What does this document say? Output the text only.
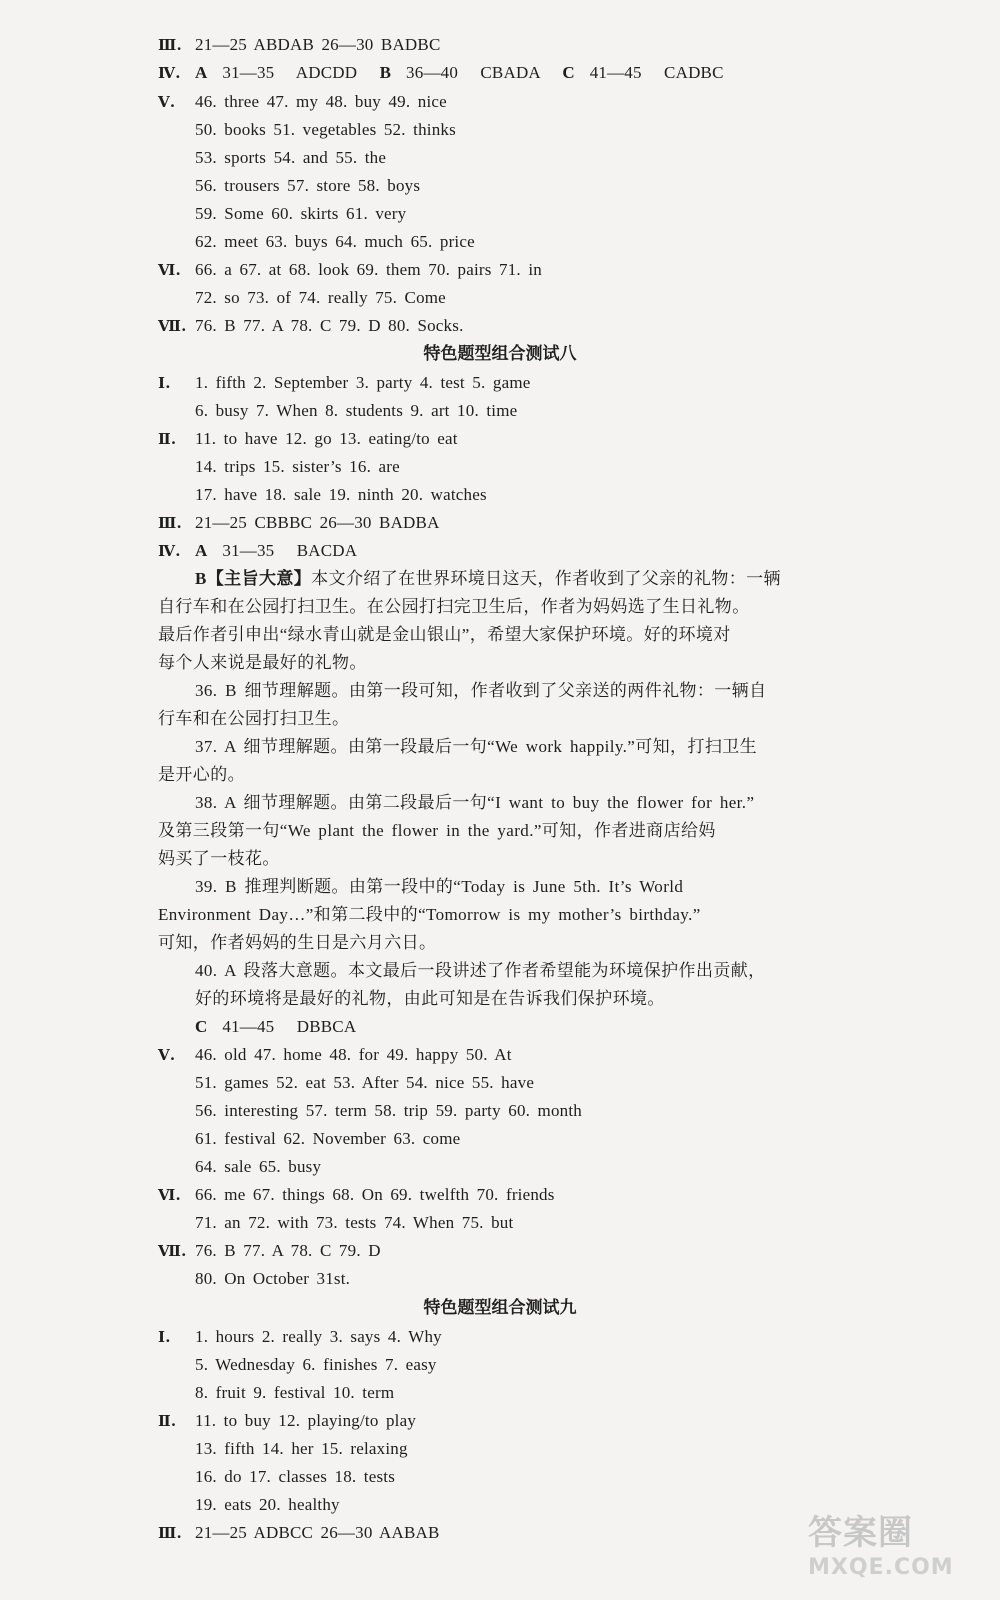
Ⅲ. 21—25 ABDAB 26—30 BADBC
Ⅳ. A  31—35   ADCDD   B  36—40   CBADA   C  41—45   CADBC
Ⅴ. 46. three 47. my 48. buy 49. nice
50. books 51. vegetables 52. thinks
53. sports 54. and 55. the
56. trousers 57. store 58. boys
59. Some 60. skirts 61. very
62. meet 63. buys 64. much 65. price
Ⅵ. 66. a 67. at 68. look 69. them 70. pairs 71. in
72. so 73. of 74. really 75. Come
Ⅶ. 76. B 77. A 78. C 79. D 80. Socks.
特色题型组合测试八
Ⅰ. 1. fifth 2. September 3. party 4. test 5. game
6. busy 7. When 8. students 9. art 10. time
Ⅱ. 11. to have 12. go 13. eating/to eat
14. trips 15. sister’s 16. are
17. have 18. sale 19. ninth 20. watches
Ⅲ. 21—25 CBBBC 26—30 BADBA
Ⅳ. A  31—35   BACDA
B【主旨大意】本文介绍了在世界环境日这天，作者收到了父亲的礼物：一辆
自行车和在公园打扫卫生。在公园打扫完卫生后，作者为妈妈选了生日礼物。
最后作者引申出“绿水青山就是金山银山”，希望大家保护环境。好的环境对
每个人来说是最好的礼物。
36. B 细节理解题。由第一段可知，作者收到了父亲送的两件礼物：一辆自
行车和在公园打扫卫生。
37. A 细节理解题。由第一段最后一句“We work happily.”可知，打扫卫生
是开心的。
38. A 细节理解题。由第二段最后一句“I want to buy the flower for her.”
及第三段第一句“We plant the flower in the yard.”可知，作者进商店给妈
妈买了一枝花。
39. B 推理判断题。由第一段中的“Today is June 5th. It’s World
Environment Day…”和第二段中的“Tomorrow is my mother’s birthday.”
可知，作者妈妈的生日是六月六日。
40. A 段落大意题。本文最后一段讲述了作者希望能为环境保护作出贡献，
好的环境将是最好的礼物，由此可知是在告诉我们保护环境。
C  41—45   DBBCA
Ⅴ. 46. old 47. home 48. for 49. happy 50. At
51. games 52. eat 53. After 54. nice 55. have
56. interesting 57. term 58. trip 59. party 60. month
61. festival 62. November 63. come
64. sale 65. busy
Ⅵ. 66. me 67. things 68. On 69. twelfth 70. friends
71. an 72. with 73. tests 74. When 75. but
Ⅶ. 76. B 77. A 78. C 79. D
80. On October 31st.
特色题型组合测试九
Ⅰ. 1. hours 2. really 3. says 4. Why
5. Wednesday 6. finishes 7. easy
8. fruit 9. festival 10. term
Ⅱ. 11. to buy 12. playing/to play
13. fifth 14. her 15. relaxing
16. do 17. classes 18. tests
19. eats 20. healthy
Ⅲ. 21—25 ADBCC 26—30 AABAB	答案圈
MXQE.COM
